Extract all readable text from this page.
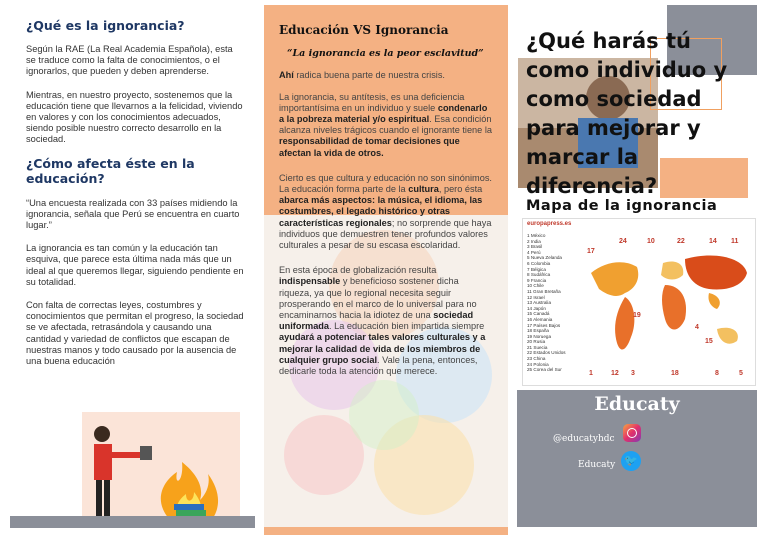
¿Qué es la ignorancia?

Según la RAE (La Real Academia Española), esta se traduce como la falta de conocimientos, o el ignorarlos, que pueden y deben aprenderse.

Mientras, en nuestro proyecto, sostenemos que la educación tiene que llevarnos a la felicidad, viviendo en valores y con los conocimientos adecuados, siendo posible nuestro correcto desarrollo en la sociedad.

¿Cómo afecta éste en la educación?

“Una encuesta realizada con 33 países midiendo la ignorancia, señala que Perú se encuentra en cuarto lugar.”

La ignorancia es tan común y la educación tan esquiva, que parece esta última nada más que un ideal al que queremos llegar, siguiendo pendiente en su totalidad.

Con falta de correctas leyes, costumbres y conocimientos que permitan el progreso, la sociedad se ve afectada, retrasándola y causando una cantidad y variedad de conflictos que escapan de nuestras manos y todo causado por la ausencia de una buena educación

Educación VS Ignorancia
“La ignorancia es la peor esclavitud”

Ahí radica buena parte de nuestra crisis.

La ignorancia, su antítesis, es una deficiencia importantísima en un individuo y suele condenarlo a la pobreza material y/o espiritual. Esa condición alcanza niveles trágicos cuando el ignorante tiene la responsabilidad de tomar decisiones que afectan la vida de otros.

Cierto es que cultura y educación no son sinónimos. La educación forma parte de la cultura, pero ésta abarca más aspectos: la música, el idioma, las costumbres, el legado histórico y otras características regionales; no sorprende que haya individuos que demuestren tener profundos valores culturales a pesar de su escasa escolaridad.

En esta época de globalización resulta indispensable y beneficioso sostener dicha riqueza, ya que lo regional necesita seguir prosperando en el marco de lo universal para no encaminarnos hacia la idiotez de una sociedad uniformada. La educación bien impartida siempre ayudará a potenciar tales valores culturales y a mejorar la calidad de vida de los miembros de cualquier grupo social. Vale la pena, entonces, dedicarle toda la atención que merece.

¿Qué harás tú como individuo y como sociedad para mejorar y marcar la diferencia?
Mapa de la ignorancia
europapress.es
1 México
2 India
3 Brasil
4 Perú
5 Nueva Zelanda
6 Colombia
7 Bélgica
8 Sudáfrica
9 Francia
10 Chile
11 Gran Bretaña
12 Israel
13 Australia
14 Japón
15 Canadá
16 Alemania
17 Países Bajos
18 España
19 Noruega
20 Rusia
21 Suecia
22 Estados Unidos
23 China
24 Polonia
25 Corea del Sur
24	10	22	14 11
17
1	12 3	18	8	5
19
4
15
Educaty
@educatyhdc
Educaty 🐦
